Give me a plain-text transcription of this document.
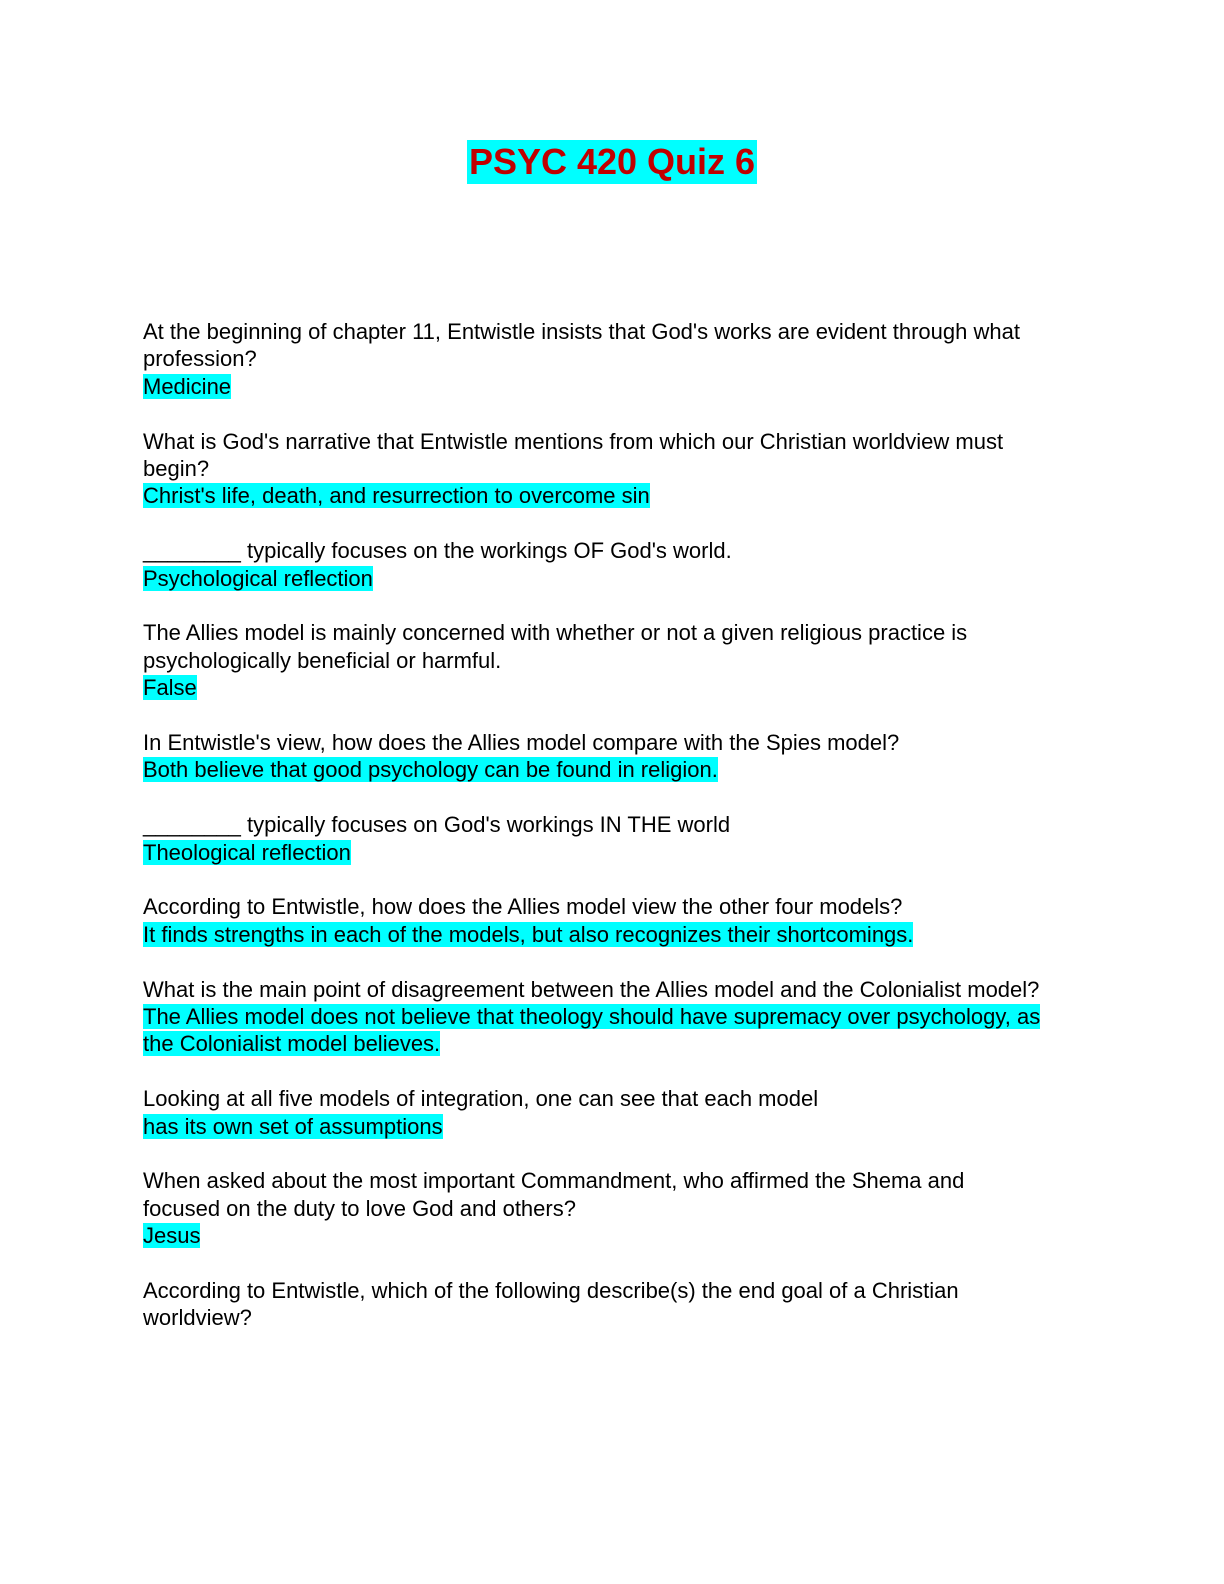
PSYC 420 Quiz 6
At the beginning of chapter 11, Entwistle insists that God's works are evident through what profession?
Medicine
What is God's narrative that Entwistle mentions from which our Christian worldview must begin?
Christ's life, death, and resurrection to overcome sin
________ typically focuses on the workings OF God's world.
Psychological reflection
The Allies model is mainly concerned with whether or not a given religious practice is psychologically beneficial or harmful.
False
In Entwistle's view, how does the Allies model compare with the Spies model?
Both believe that good psychology can be found in religion.
________ typically focuses on God's workings IN THE world
Theological reflection
According to Entwistle, how does the Allies model view the other four models?
It finds strengths in each of the models, but also recognizes their shortcomings.
What is the main point of disagreement between the Allies model and the Colonialist model?
The Allies model does not believe that theology should have supremacy over psychology, as the Colonialist model believes.
Looking at all five models of integration, one can see that each model
has its own set of assumptions
When asked about the most important Commandment, who affirmed the Shema and focused on the duty to love God and others?
Jesus
According to Entwistle, which of the following describe(s) the end goal of a Christian worldview?
